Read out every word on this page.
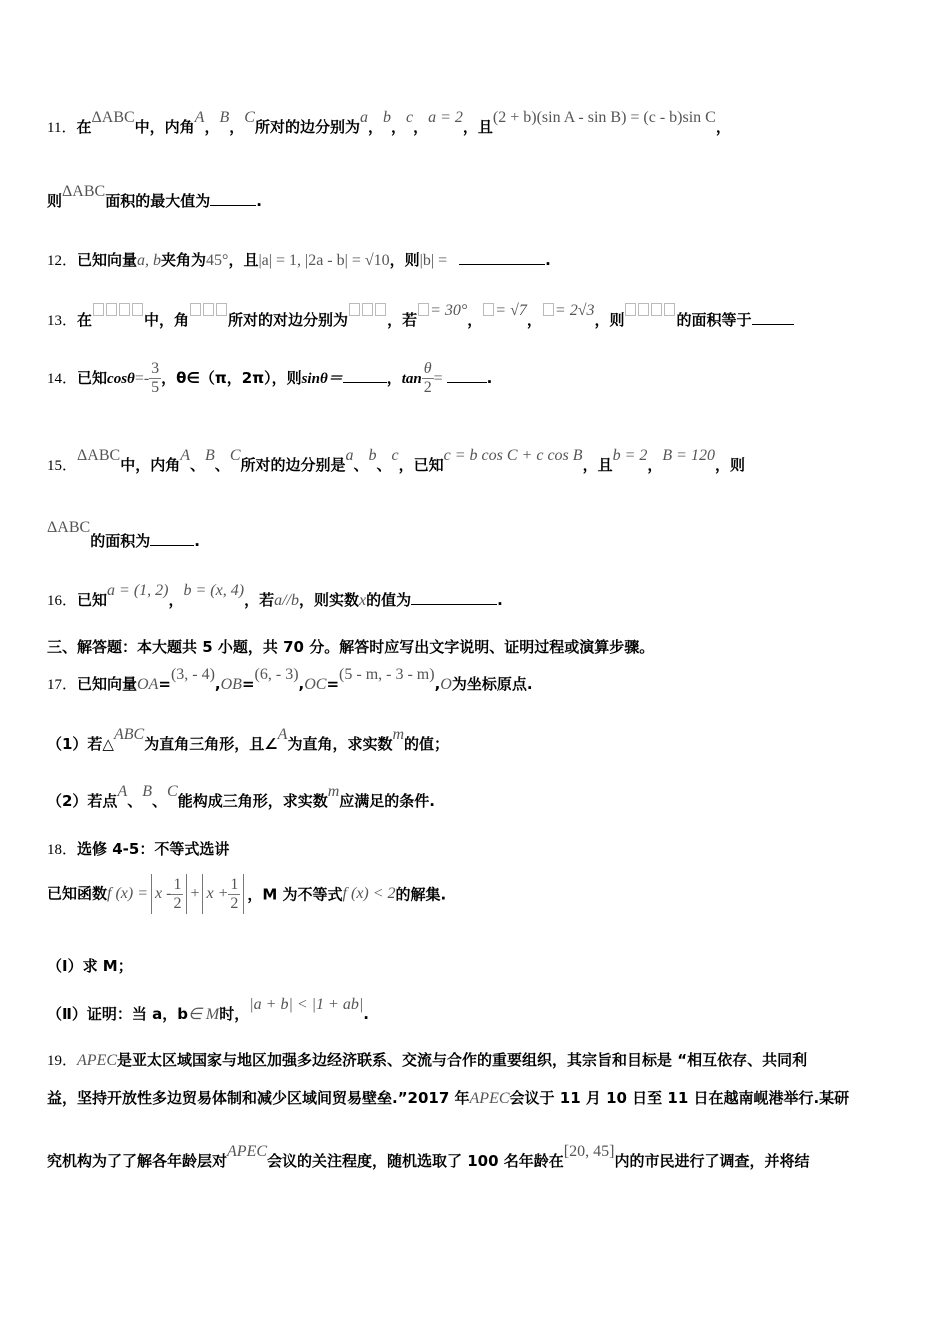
11．在ΔABC中，内角A，B，C所对的边分别为a，b，c，a = 2，且(2 + b)(sin A - sin B) = (c - b)sin C，
则ΔABC面积的最大值为	.
12．已知向量a, b夹角为45°，且|a| = 1, |2a - b| = √10，则|b| =	.
13．在	中，角	所对的对边分别为	，若= 30°，= √7，= 2√3，则	的面积等于
14．已知$\cos\theta=- \frac{3}{5}$ ，θ∈（π，2π），则sinθ＝	，$\tan \frac{\theta}{2}$ =	.
15．ΔABC中，内角A、B、C所对的边分别是a、b、c，已知c = b cos C + c cos B，且b = 2，B = 120，则
ΔABC的面积为	.
16．已知a = (1, 2)，b = (x, 4)，若a//b，则实数x的值为	.
三、解答题：本大题共 5 小题，共 70 分。解答时应写出文字说明、证明过程或演算步骤。
17．已知向量OA=(3, - 4),OB=(6, - 3),OC=(5 - m, - 3 - m),O为坐标原点.
（1）若△ABC为直角三角形，且∠A为直角，求实数m的值；
（2）若点A、B、C能构成三角形，求实数m应满足的条件.
18．选修 4-5：不等式选讲
已知函数f $(x) = x - \frac{1}{2} + x + \frac{1}{2}$ ，M 为不等式f (x) < 2的解集.
（Ⅰ）求 M；
（Ⅱ）证明：当 a，b∈ M时，|a + b| < |1 + ab|.
19．APEC是亚太区域国家与地区加强多边经济联系、交流与合作的重要组织，其宗旨和目标是 “相互依存、共同利
益，坚持开放性多边贸易体制和减少区域间贸易壁垒.”2017 年APEC会议于 11 月 10 日至 11 日在越南岘港举行.某研
究机构为了了解各年龄层对APEC会议的关注程度，随机选取了 100 名年龄在[20, 45]内的市民进行了调查，并将结
